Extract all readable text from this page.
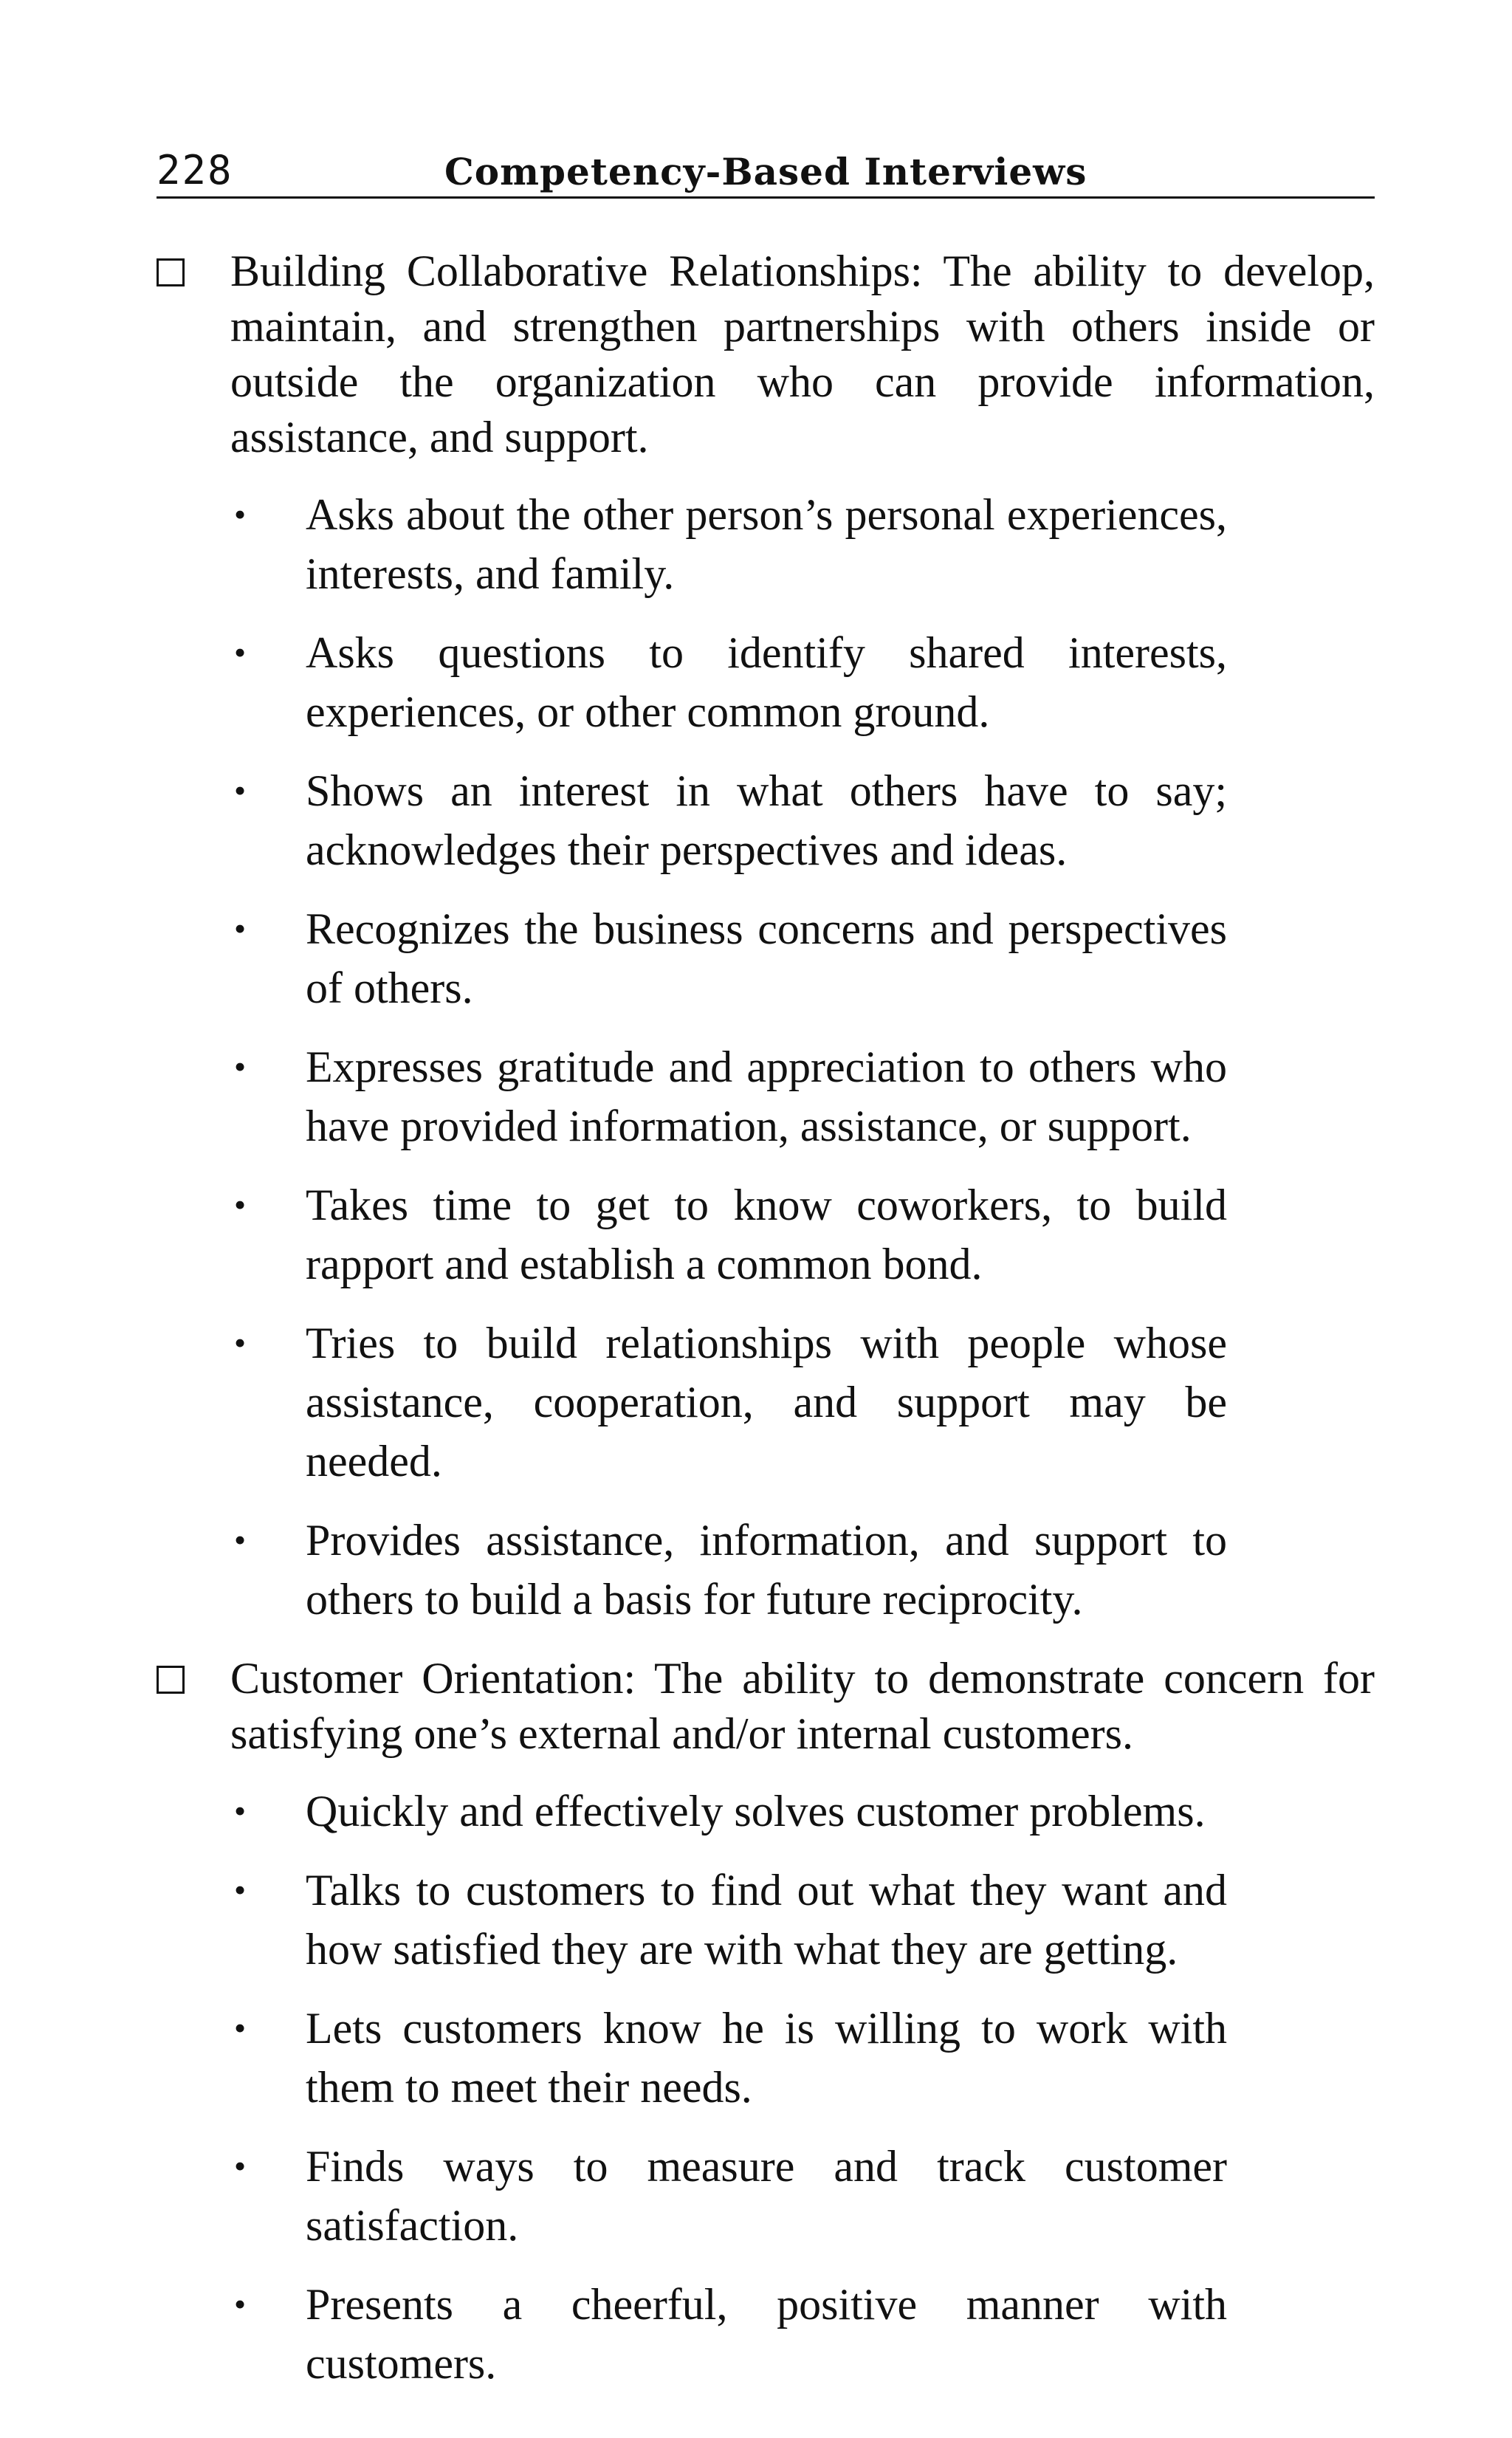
228	Competency-Based Interviews

Building Collaborative Relationships: The ability to develop, maintain, and strengthen partnerships with others inside or outside the organization who can provide information, assistance, and support.

• Asks about the other person’s personal experiences, interests, and family.
• Asks questions to identify shared interests, experiences, or other common ground.
• Shows an interest in what others have to say; acknowledges their perspectives and ideas.
• Recognizes the business concerns and perspectives of others.
• Expresses gratitude and appreciation to others who have provided information, assistance, or support.
• Takes time to get to know coworkers, to build rapport and establish a common bond.
• Tries to build relationships with people whose assistance, cooperation, and support may be needed.
• Provides assistance, information, and support to others to build a basis for future reciprocity.

Customer Orientation: The ability to demonstrate concern for satisfying one’s external and/or internal customers.

• Quickly and effectively solves customer problems.
• Talks to customers to find out what they want and how satisfied they are with what they are getting.
• Lets customers know he is willing to work with them to meet their needs.
• Finds ways to measure and track customer satisfaction.
• Presents a cheerful, positive manner with customers.
